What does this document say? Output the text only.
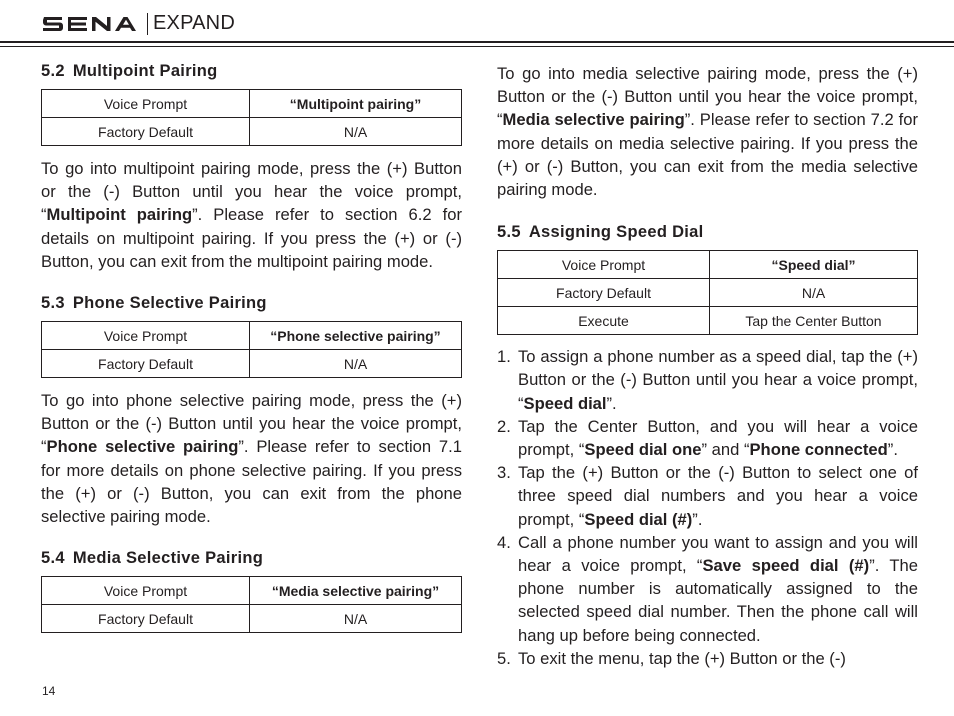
EXPAND
5.2 Multipoint Pairing
Voice Prompt	“Multipoint pairing”
Factory Default	N/A

To go into multipoint pairing mode, press the (+) Button or the (-) Button until you hear the voice prompt, “Multipoint pairing”. Please refer to section 6.2 for details on multipoint pairing. If you press the (+) or (-) Button, you can exit from the multipoint pairing mode.

5.3 Phone Selective Pairing
Voice Prompt	“Phone selective pairing”
Factory Default	N/A

To go into phone selective pairing mode, press the (+) Button or the (-) Button until you hear the voice prompt, “Phone selective pairing”. Please refer to section 7.1 for more details on phone selective pairing. If you press the (+) or (-) Button, you can exit from the phone selective pairing mode.

5.4 Media Selective Pairing
Voice Prompt	“Media selective pairing”
Factory Default	N/A

To go into media selective pairing mode, press the (+) Button or the (-) Button until you hear the voice prompt, “Media selective pairing”. Please refer to section 7.2 for more details on media selective pairing. If you press the (+) or (-) Button, you can exit from the media selective pairing mode.

5.5 Assigning Speed Dial
Voice Prompt	“Speed dial”
Factory Default	N/A
Execute	Tap the Center Button
1. To assign a phone number as a speed dial, tap the (+) Button or the (-) Button until you hear a voice prompt, “Speed dial”.
2. Tap the Center Button, and you will hear a voice prompt, “Speed dial one” and “Phone connected”.
3. Tap the (+) Button or the (-) Button to select one of three speed dial numbers and you hear a voice prompt, “Speed dial (#)”.
4. Call a phone number you want to assign and you will hear a voice prompt, “Save speed dial (#)”. The phone number is automatically assigned to the selected speed dial number. Then the phone call will hang up before being connected.
5. To exit the menu, tap the (+) Button or the (-)
14
